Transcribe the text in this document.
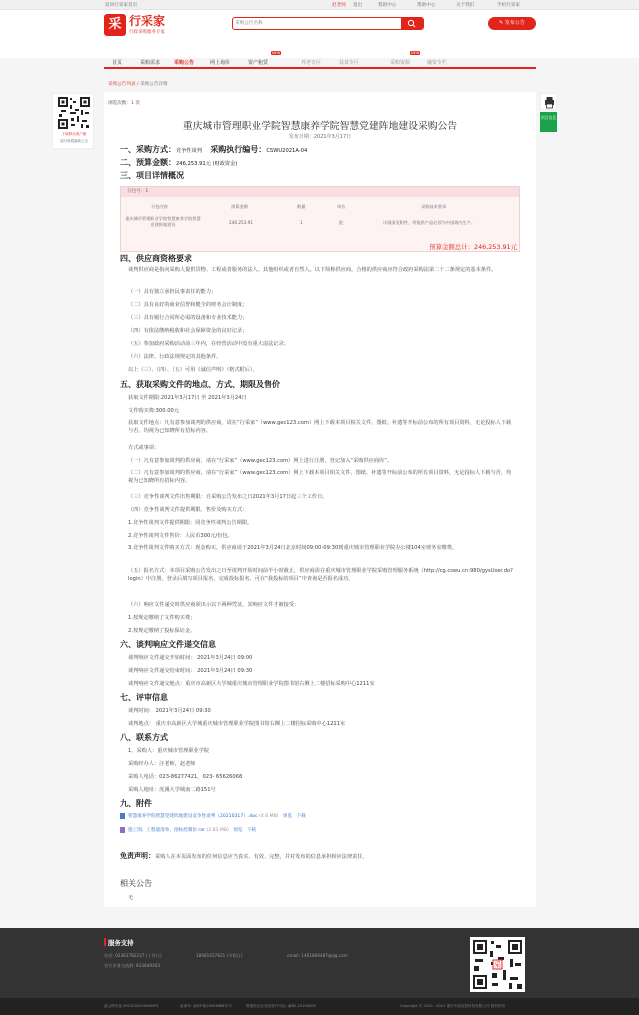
返回行采家首页	赵老师 退出	我的中心	帮助中心	关于我们	手机行采家
采 行采家
行政采购服务专家
采购公告名称
✎ 发布公告
首页	采购需求	采购公告	网上询价	资产租赁
NEW
养老专区	扶贫专区	采购资源
NEW
融资专栏
采购公告列表 / 采购公告详情
下载移动客户端
实时查看最新公告
项目信息
浏览次数：1 次
重庆城市管理职业学院智慧康养学院智慧党建阵地建设采购公告
发布日期：2021年3月17日
一、采购方式：竞争性谈判 采购执行编号：CSWU2021A-04
二、预算金额：246,253.91元 (财政资金)
三、项目详情概况
分包号：1
分包内容	预算金额	数量	单位	采购技术要求
重庆城市管理职业学院智慧康养学院智慧党建阵地建设	246,253.91	1	批	详细清见附件，所提供产品必须为中国境内生产。
预算金额总计：246,253.91元
四、供应商资格要求
谈判供应商是指向采购人提供货物、工程或者服务的法人、其他组织或者自然人。以下简称供应商。合格的供应商应符合政府采购法第二十二条规定的基本条件。
（一）具有独立承担民事责任的能力；
（二）具有良好的商业信誉和健全的财务会计制度；
（三）具有履行合同所必需的设备和专业技术能力；
（四）有依法缴纳税收和社会保障资金的良好记录；
（五）参加政府采购活动前三年内，在经营活动中没有重大违法记录；
（六）法律、行政法规规定的其他条件。
以上（三）、（四）、（五）可用《诚信声明》（格式附后）。
五、获取采购文件的地点、方式、期限及售价
获取文件期限:2021年3月17日 至 2021年3月24日
文件购买费:300.00元
获取文件地点：凡有意参加谈判的供应商，请在“行采家”（www.gec123.com）网上下载本项目相关文件、图纸、补遗等开标前公布的所有项目资料，无论投标人下载与否，均视为已知晓所有招标内容。
方式或事项：
（一）凡有意参加谈判的供应商，请在“行采家”（www.gec123.com）网上进行注册，登记加入“采购供应商库”。
（二）凡有意参加谈判的供应商，请在“行采家”（www.gec123.com）网上下载本项目相关文件、图纸、补遗等开标前公布的所有项目资料，无论投标人下载与否，均视为已知晓所有招标内容。
（三）竞争性谈判文件出售期限：自采购公告发布之日2021年3月17日起三个工作日。
（四）竞争性谈判文件提供期限、售价及购买方式：
1.竞争性谈判文件提供期限：同竞争性谈判公告期限。
2.竞争性谈判文件售价：人民币300元/份包。
3.竞争性谈判文件购买方式：现金购买，供应商请于2021年3月24日北京时间09:00-09:30到重庆城市管理职业学院办公楼104室财务室缴费。
（五）报名方式：本项目采购公告发出之日至谈判开始时间前半小时截止，供应商需在重庆城市管理职业学院采购管理服务系统（http://cg.cswu.cn:980/gysUser.do?login）中注册，登录后填写项目报名，完成投标报名，可在“我投标的项目”中查询是否报名成功。
（六）响应文件递交时供应商须出示以下两种凭证，其响应文件才被接受：
1.按规定缴纳了文件购买费；
2.按规定缴纳了投标保证金。
六、谈判响应文件递交信息
谈判响应文件递交开始时间： 2021年3月24日 09:00
谈判响应文件递交结束时间： 2021年3月24日 09:30
谈判响应文件递交地点：重庆市高新区大学城重庆城市管理职业学院图书馆右侧上二楼招标采购中心1211室
七、评审信息
谈判时间： 2021年3月24日 09:30
谈判地点： 重庆市高新区大学城重庆城市管理职业学院图书馆右侧上二楼招标采购中心1211室
八、联系方式
1、采购人：重庆城市管理职业学院
采购经办人：汪老师，赵老师
采购人电话：023-86277421，023- 65626068
采购人地址：虎溪大学城南二路151号
九、附件
智慧康养学院智慧党建阵地建设竞争性谈判（20210317）.doc (4.6 MB) 预览 下载
施工图、工程量清单、招标控制价.rar (2.83 MB) 预览 下载
免责声明：采购人在本页面发布的任何信息应当真实、有效、完整，并对发布的信息承担相应法律责任。
相关公告
无
服务支持
电话: 02363782227 (工作日)	18081037831 (节假日)	email: 1461894487@qq.com
官方业务交流群: 833849303	采
渝公网安备 50010302000469号	备案号: 渝ICP备14004888号-3	增值电信业务经营许可证: 渝B2-20190009	Copyright © 2010 - 2021 重庆中政信盈科技有限公司 版权所有
